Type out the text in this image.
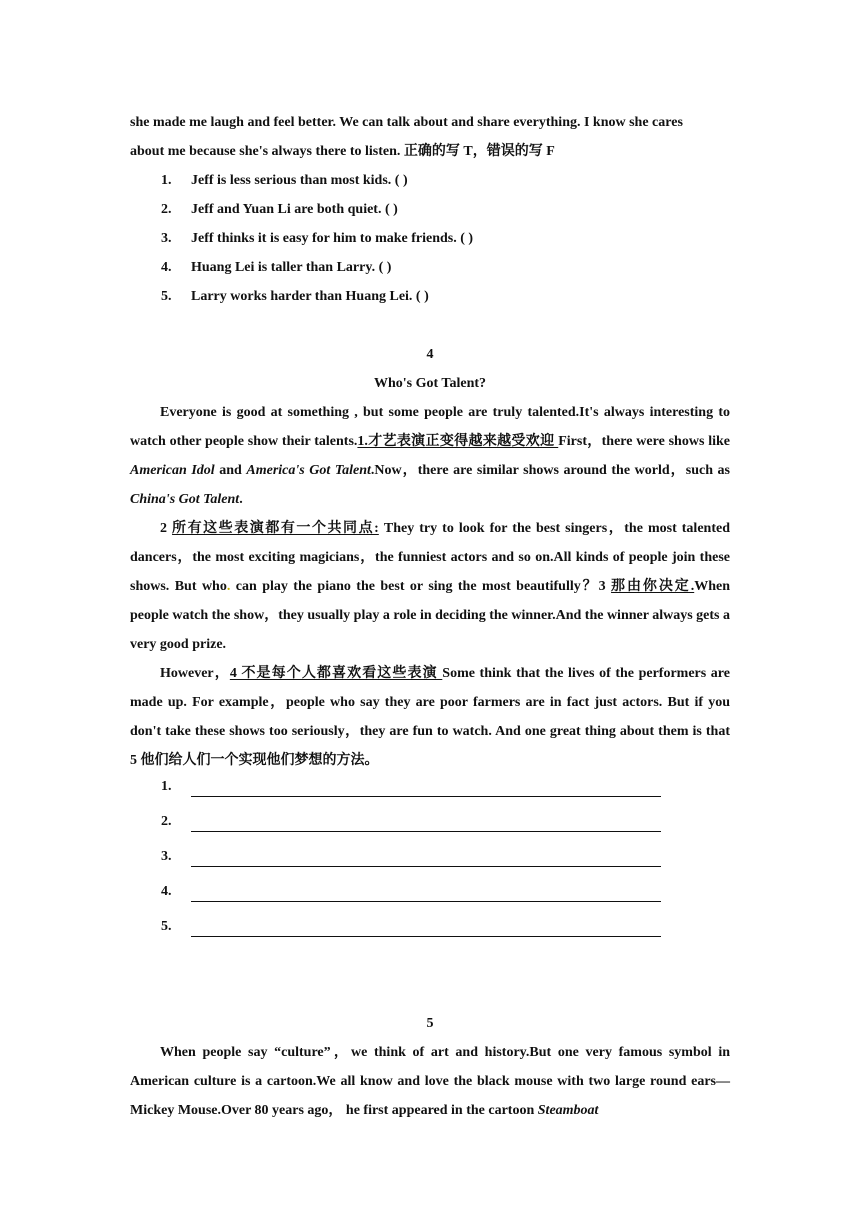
she made me laugh and feel better. We can talk about and share everything. I know she cares
about me because she's always there to listen. 正确的写 T，错误的写 F
1.	Jeff is less serious than most kids. ( )
2.	Jeff and Yuan Li are both quiet. ( )
3.	Jeff thinks it is easy for him to make friends. ( )
4.	Huang Lei is taller than Larry. ( )
5.	Larry works harder than Huang Lei. ( )
4
Who's Got Talent?
Everyone is good at something , but some people are truly talented.It's always interesting to watch other people show their talents.1.才艺表演正变得越来越受欢迎 First，there were shows like American Idol and America's Got Talent.Now，there are similar shows around the world，such as China's Got Talent.
2 所有这些表演都有一个共同点: They try to look for the best singers，the most talented dancers，the most exciting magicians，the funniest actors and so on.All kinds of people join these shows. But who. can play the piano the best or sing the most beautifully？3 那由你决定.When people watch the show，they usually play a role in deciding the winner.And the winner always gets a very good prize.
However，4 不是每个人都喜欢看这些表演 Some think that the lives of the performers are made up. For example，people who say they are poor farmers are in fact just actors. But if you don't take these shows too seriously，they are fun to watch. And one great thing about them is that 5 他们给人们一个实现他们梦想的方法。
1.
2.
3.
4.
5.
5
When people say “culture”，we think of art and history.But one very famous symbol in American culture is a cartoon.We all know and love the black mouse with two large round ears—Mickey Mouse.Over 80 years ago， he first appeared in the cartoon Steamboat
